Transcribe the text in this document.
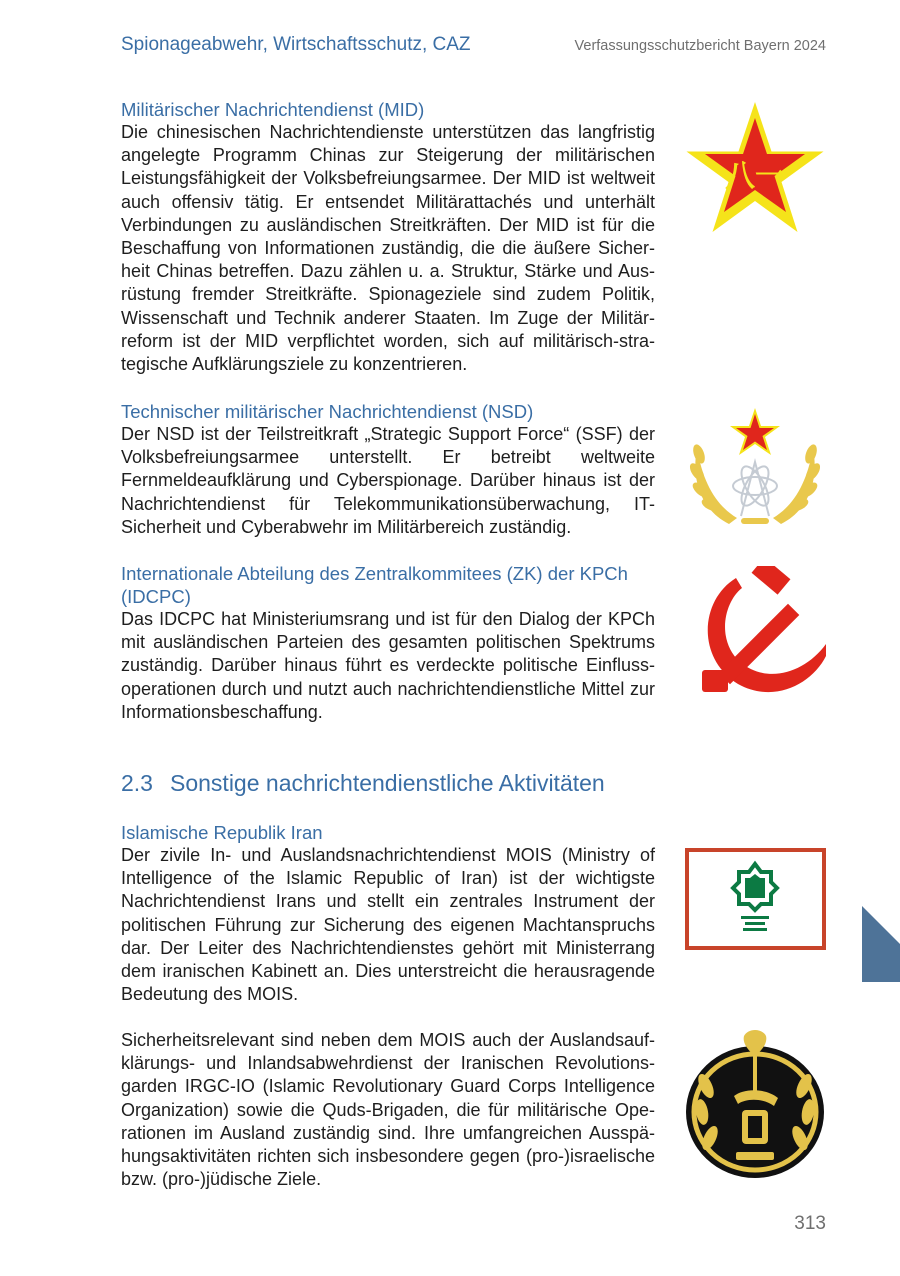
Spionageabwehr, Wirtschaftsschutz, CAZ	Verfassungsschutzbericht Bayern 2024
Militärischer Nachrichtendienst (MID)
Die chinesischen Nachrichtendienste unterstützen das langfristig angelegte Programm Chinas zur Steigerung der militärischen Leistungsfähigkeit der Volksbefreiungsarmee. Der MID ist weltweit auch offensiv tätig. Er entsendet Militärattachés und unterhält Verbindungen zu ausländischen Streitkräften. Der MID ist für die Beschaffung von Informationen zuständig, die die äußere Sicherheit Chinas betreffen. Dazu zählen u. a. Struktur, Stärke und Ausrüstung fremder Streitkräfte. Spionageziele sind zudem Politik, Wissenschaft und Technik anderer Staaten. Im Zuge der Militärreform ist der MID verpflichtet worden, sich auf militärisch-strategische Aufklärungsziele zu konzentrieren.
Technischer militärischer Nachrichtendienst (NSD)
Der NSD ist der Teilstreitkraft „Strategic Support Force“ (SSF) der Volksbefreiungsarmee unterstellt. Er betreibt weltweite Fernmeldeaufklärung und Cyberspionage. Darüber hinaus ist der Nachrichtendienst für Telekommunikationsüberwachung, IT-Sicherheit und Cyberabwehr im Militärbereich zuständig.
Internationale Abteilung des Zentralkommitees (ZK) der KPCh (IDCPC)
Das IDCPC hat Ministeriumsrang und ist für den Dialog der KPCh mit ausländischen Parteien des gesamten politischen Spektrums zuständig. Darüber hinaus führt es verdeckte politische Einflussoperationen durch und nutzt auch nachrichtendienstliche Mittel zur Informationsbeschaffung.
2.3 Sonstige nachrichtendienstliche Aktivitäten
Islamische Republik Iran
Der zivile In- und Auslandsnachrichtendienst MOIS (Ministry of Intelligence of the Islamic Republic of Iran) ist der wichtigste Nachrichtendienst Irans und stellt ein zentrales Instrument der politischen Führung zur Sicherung des eigenen Machtanspruchs dar. Der Leiter des Nachrichtendienstes gehört mit Ministerrang dem iranischen Kabinett an. Dies unterstreicht die herausragende Bedeutung des MOIS.
Sicherheitsrelevant sind neben dem MOIS auch der Auslandsaufklärungs- und Inlandsabwehrdienst der Iranischen Revolutionsgarden IRGC-IO (Islamic Revolutionary Guard Corps Intelligence Organization) sowie die Quds-Brigaden, die für militärische Operationen im Ausland zuständig sind. Ihre umfangreichen Ausspähungsaktivitäten richten sich insbesondere gegen (pro-)israelische bzw. (pro-)jüdische Ziele.
八一
313
